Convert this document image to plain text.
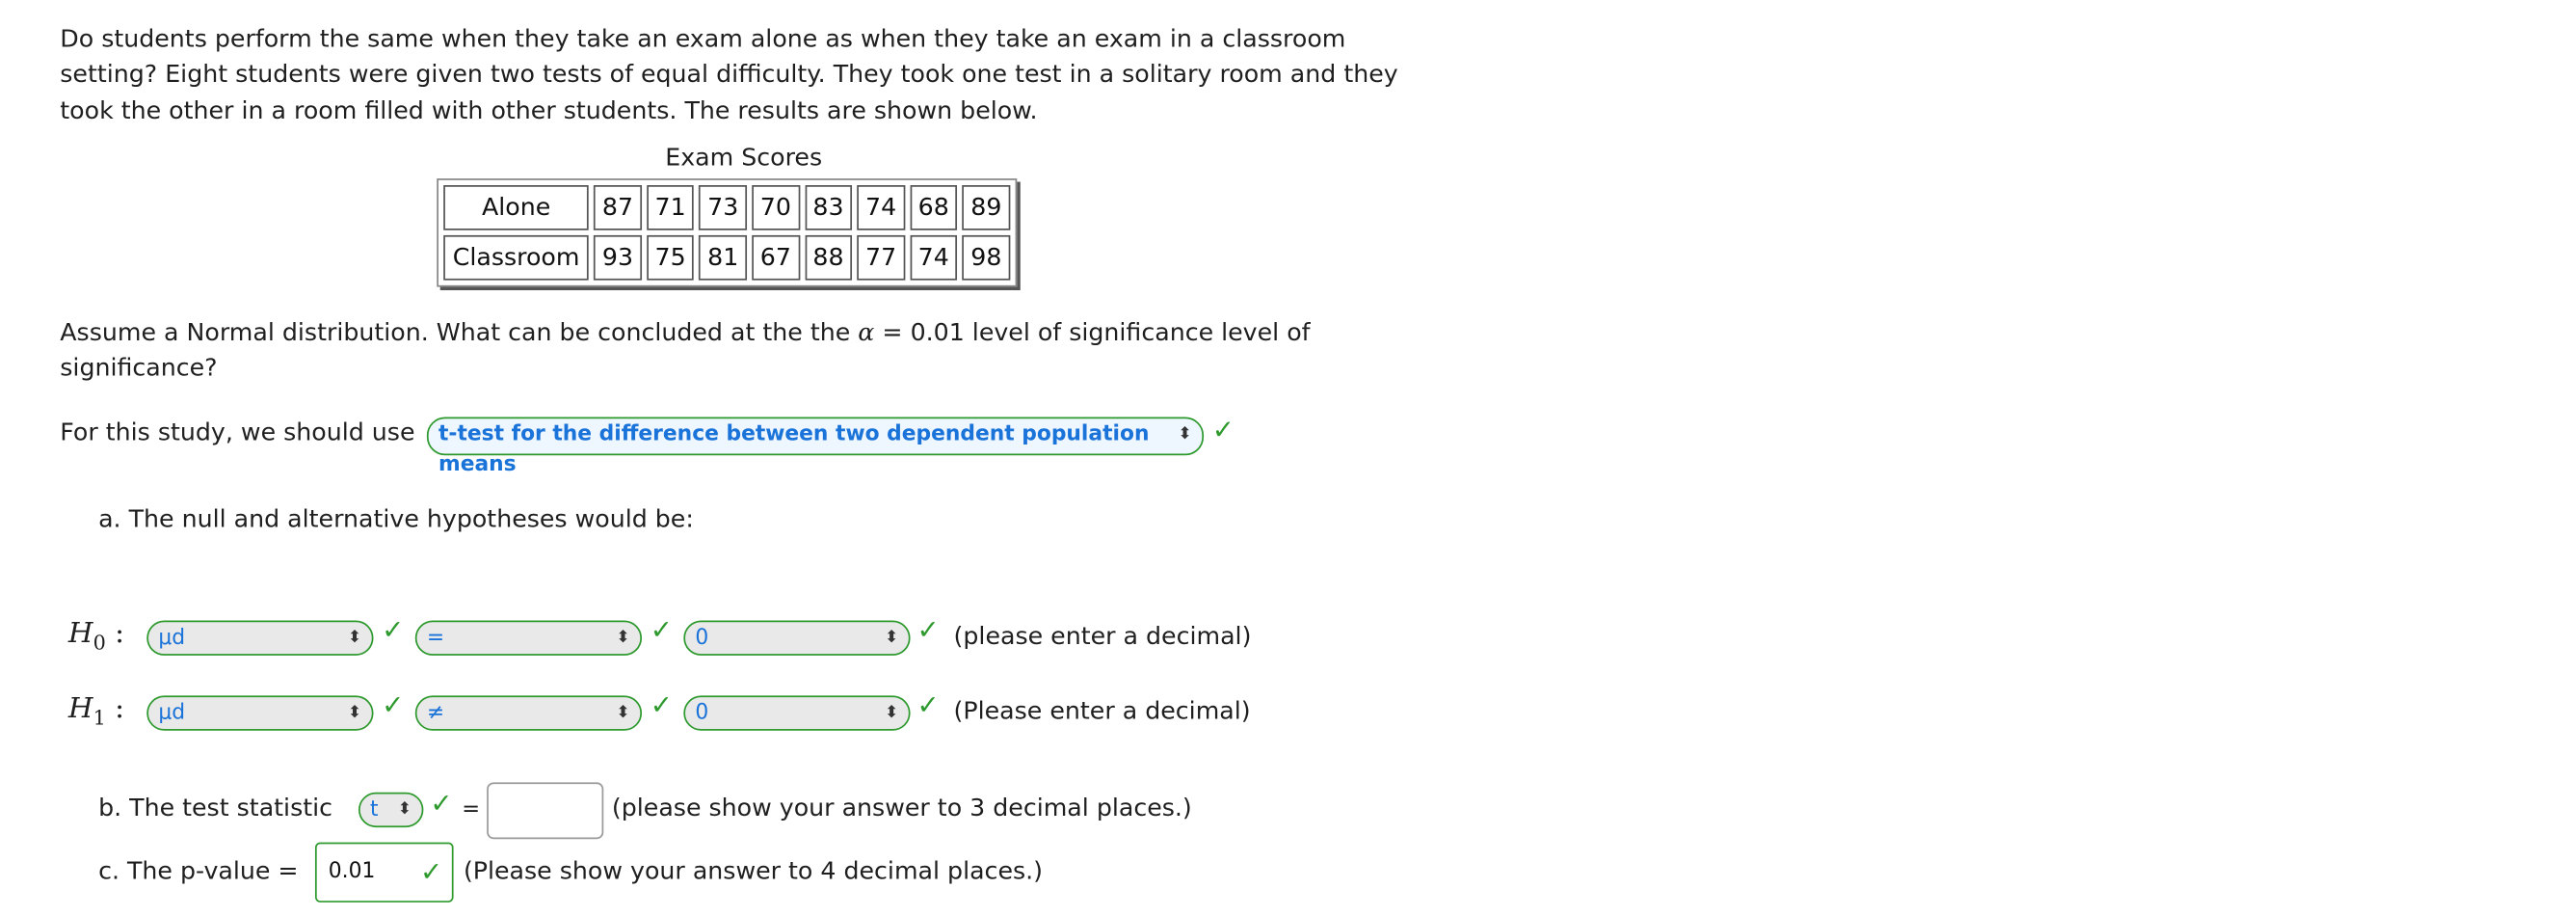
Do students perform the same when they take an exam alone as when they take an exam in a classroom
setting? Eight students were given two tests of equal difficulty. They took one test in a solitary room and they
took the other in a room filled with other students. The results are shown below.
Exam Scores
Alone	87	71	73	70	83	74	68	89
Classroom	93	75	81	67	88	77	74	98
Assume a Normal distribution. What can be concluded at the the α = 0.01 level of significance level of
significance?
For this study, we should use	t-test for the difference between two dependent population means
⬍ ✓
a. The null and alternative hypotheses would be:
$H_0$ :	μd	⬍ ✓	=	⬍ ✓	0	⬍ ✓ (please enter a decimal)
$H_1$ :	μd	⬍ ✓	≠	⬍ ✓	0	⬍ ✓ (Please enter a decimal)
b. The test statistic	t ⬍ ✓ =	(please show your answer to 3 decimal places.)
c. The p-value =	0.01	✓ (Please show your answer to 4 decimal places.)
